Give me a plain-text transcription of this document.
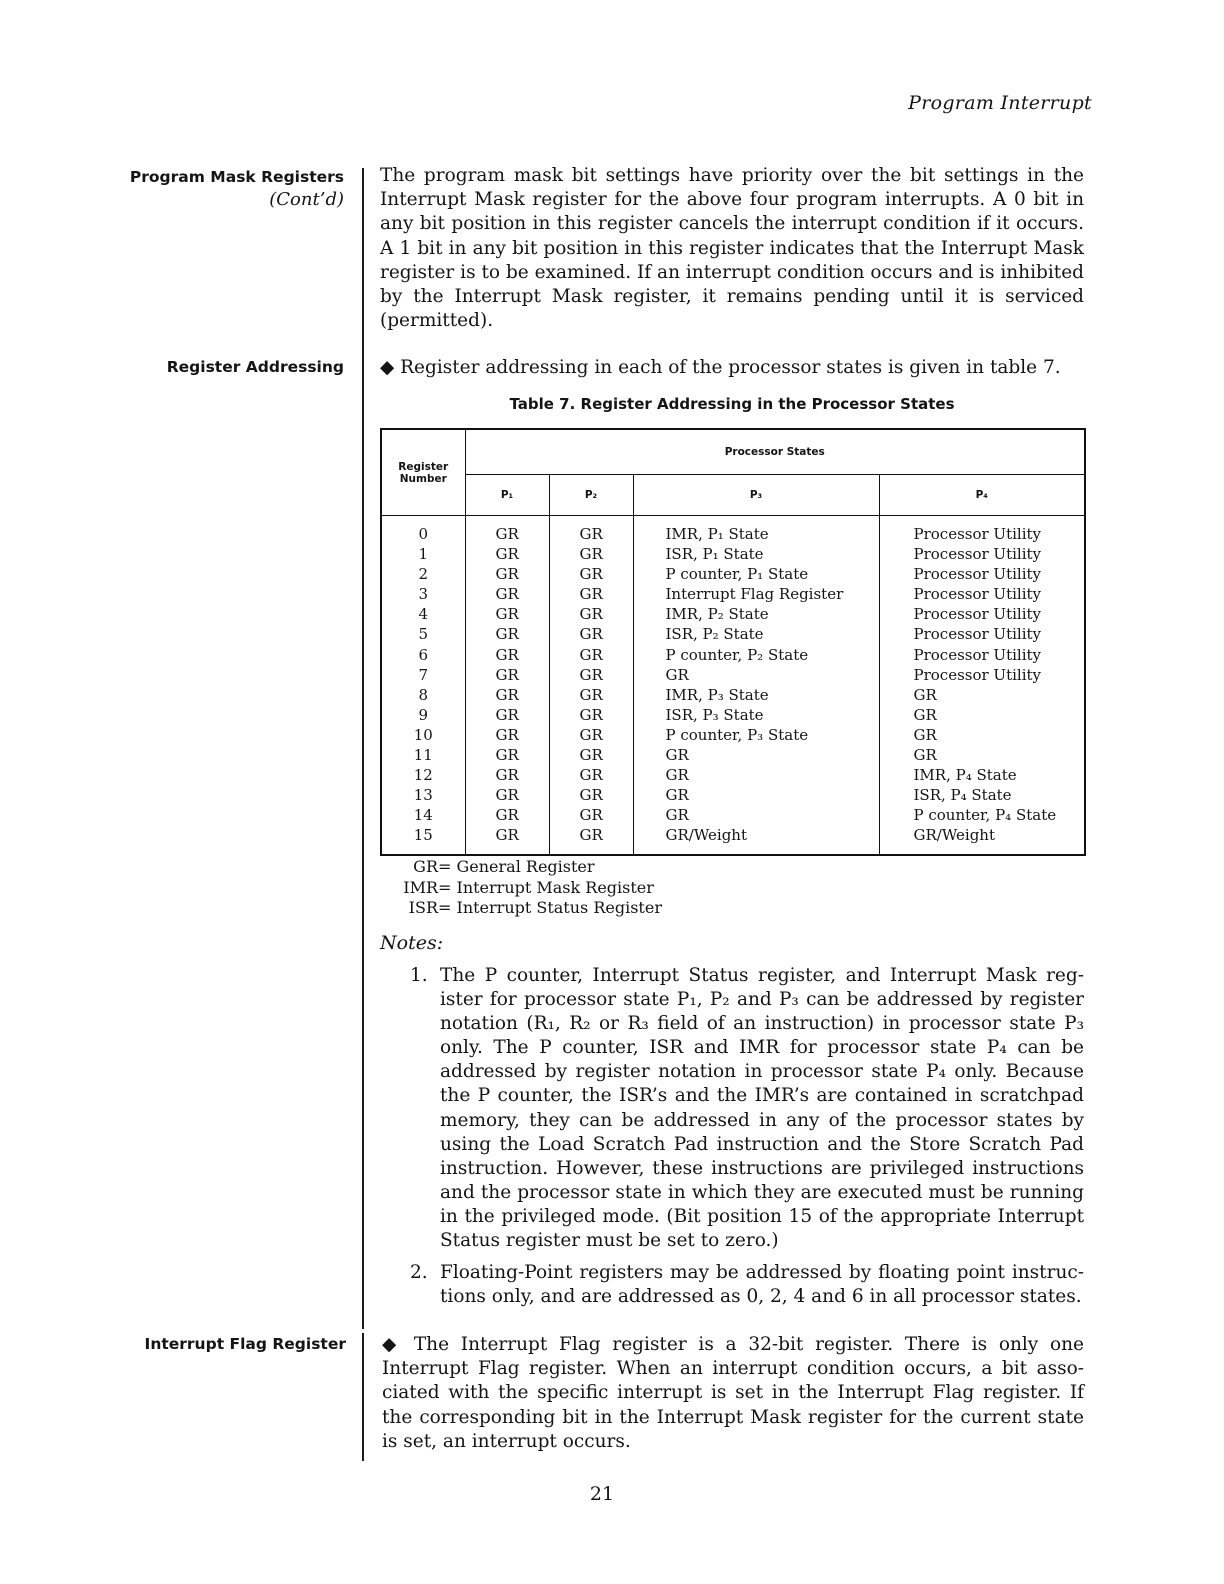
Program Interrupt
Program Mask Registers
(Cont’d)
Register Addressing
Interrupt Flag Register
The program mask bit settings have priority over the bit settings in the Interrupt Mask register for the above four program interrupts. A 0 bit in any bit position in this register cancels the interrupt condition if it occurs. A 1 bit in any bit position in this register indicates that the Interrupt Mask register is to be examined. If an interrupt condition occurs and is inhibited by the Interrupt Mask register, it remains pending until it is serviced (permitted).
◆ Register addressing in each of the processor states is given in table 7.
Table 7. Register Addressing in the Processor States
Register Number	Processor States			
	P₁	P₂	P₃	P₄
0	GR	GR	IMR, P₁ State	Processor Utility
1	GR	GR	ISR, P₁ State	Processor Utility
2	GR	GR	P counter, P₁ State	Processor Utility
3	GR	GR	Interrupt Flag Register	Processor Utility
4	GR	GR	IMR, P₂ State	Processor Utility
5	GR	GR	ISR, P₂ State	Processor Utility
6	GR	GR	P counter, P₂ State	Processor Utility
7	GR	GR	GR	Processor Utility
8	GR	GR	IMR, P₃ State	GR
9	GR	GR	ISR, P₃ State	GR
10	GR	GR	P counter, P₃ State	GR
11	GR	GR	GR	GR
12	GR	GR	GR	IMR, P₄ State
13	GR	GR	GR	ISR, P₄ State
14	GR	GR	GR	P counter, P₄ State
15	GR	GR	GR/Weight	GR/Weight
GR = General Register
IMR = Interrupt Mask Register
ISR = Interrupt Status Register
Notes:
1. The P counter, Interrupt Status register, and Interrupt Mask register for processor state P₁, P₂ and P₃ can be addressed by register notation (R₁, R₂ or R₃ field of an instruction) in processor state P₃ only. The P counter, ISR and IMR for processor state P₄ can be addressed by register notation in processor state P₄ only. Because the P counter, the ISR’s and the IMR’s are contained in scratchpad memory, they can be addressed in any of the processor states by using the Load Scratch Pad instruction and the Store Scratch Pad instruction. However, these instructions are privileged instructions and the processor state in which they are executed must be running in the privileged mode. (Bit position 15 of the appropriate Interrupt Status register must be set to zero.)
2. Floating-Point registers may be addressed by floating point instructions only, and are addressed as 0, 2, 4 and 6 in all processor states.
◆ The Interrupt Flag register is a 32-bit register. There is only one Interrupt Flag register. When an interrupt condition occurs, a bit associated with the specific interrupt is set in the Interrupt Flag register. If the corresponding bit in the Interrupt Mask register for the current state is set, an interrupt occurs.
21
